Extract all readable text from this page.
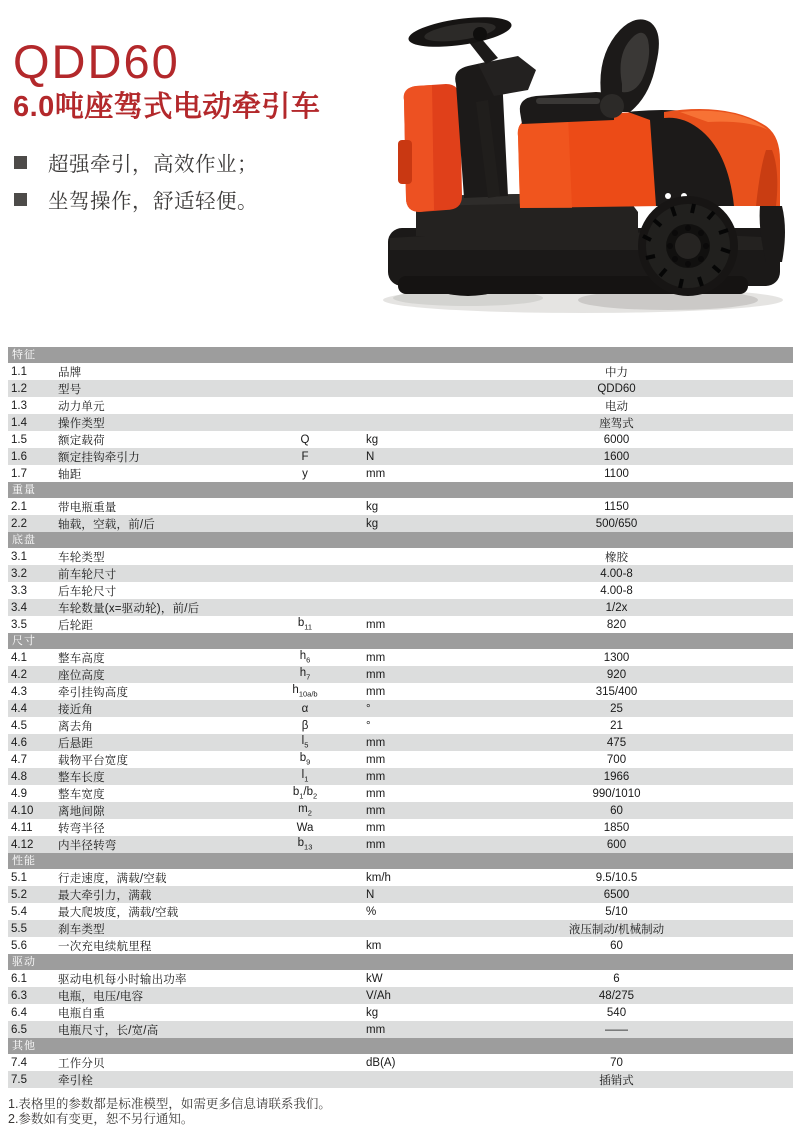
QDD60
6.0吨座驾式电动牵引车
超强牵引，高效作业；
坐驾操作，舒适轻便。
特征
1.1	品牌	中力
1.2	型号	QDD60
1.3	动力单元	电动
1.4	操作类型	座驾式
1.5	额定载荷	Q	kg	6000
1.6	额定挂钩牵引力	F	N	1600
1.7	轴距	y	mm	1100
重量
2.1	带电瓶重量	kg	1150
2.2	轴载，空载，前/后	kg	500/650
底盘
3.1	车轮类型	橡胶
3.2	前车轮尺寸	4.00-8
3.3	后车轮尺寸	4.00-8
3.4	车轮数量(x=驱动轮)，前/后	1/2x
3.5	后轮距	$b_{11}$	mm	820
尺寸
4.1	整车高度	$h_6$	mm	1300
4.2	座位高度	$h_7$	mm	920
4.3	牵引挂钩高度	$h_{10a/b}$	mm	315/400
4.4	接近角	α	°	25
4.5	离去角	β	°	21
4.6	后悬距	$l_5$	mm	475
4.7	载物平台宽度	$b_9$	mm	700
4.8	整车长度	$l_1$	mm	1966
4.9	整车宽度	$b_1/b_2$	mm	990/1010
4.10	离地间隙	$m_2$	mm	60
4.11	转弯半径	Wa	mm	1850
4.12	内半径转弯	$b_{13}$	mm	600
性能
5.1	行走速度，满载/空载	km/h	9.5/10.5
5.2	最大牵引力，满载	N	6500
5.4	最大爬坡度，满载/空载	%	5/10
5.5	刹车类型	液压制动/机械制动
5.6	一次充电续航里程	km	60
驱动
6.1	驱动电机每小时输出功率	kW	6
6.3	电瓶，电压/电容	V/Ah	48/275
6.4	电瓶自重	kg	540
6.5	电瓶尺寸，长/宽/高	mm	——
其他
7.4	工作分贝	dB(A)	70
7.5	牵引栓	插销式
1.表格里的参数都是标准模型，如需更多信息请联系我们。
2.参数如有变更，恕不另行通知。
